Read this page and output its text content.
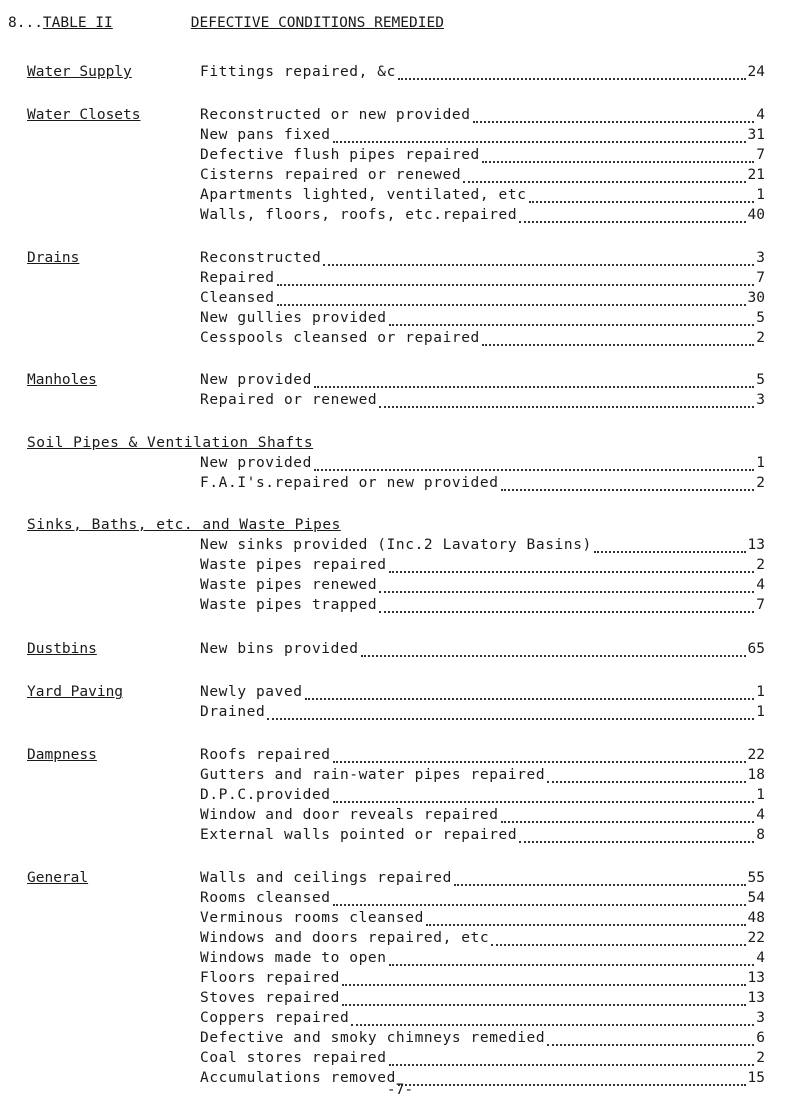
8...TABLE II	DEFECTIVE CONDITIONS REMEDIED
Water Supply	Fittings repaired, &c	24
Water Closets	Reconstructed or new provided	4
New pans fixed	31
Defective flush pipes repaired	7
Cisterns repaired or renewed	21
Apartments lighted, ventilated, etc	1
Walls, floors, roofs, etc.repaired	40
Drains	Reconstructed	3
Repaired	7
Cleansed	30
New gullies provided	5
Cesspools cleansed or repaired	2
Manholes	New provided	5
Repaired or renewed	3
Soil Pipes & Ventilation Shafts
New provided	1
F.A.I's.repaired or new provided	2
Sinks, Baths, etc. and Waste Pipes
New sinks provided (Inc.2 Lavatory Basins)	13
Waste pipes repaired	2
Waste pipes renewed	4
Waste pipes trapped	7
Dustbins	New bins provided	65
Yard Paving	Newly paved	1
Drained	1
Dampness	Roofs repaired	22
Gutters and rain-water pipes repaired	18
D.P.C.provided	1
Window and door reveals repaired	4
External walls pointed or repaired	8
General	Walls and ceilings repaired	55
Rooms cleansed	54
Verminous rooms cleansed	48
Windows and doors repaired, etc	22
Windows made to open	4
Floors repaired	13
Stoves repaired	13
Coppers repaired	3
Defective and smoky chimneys remedied	6
Coal stores repaired	2
Accumulations removed	15
-7-
